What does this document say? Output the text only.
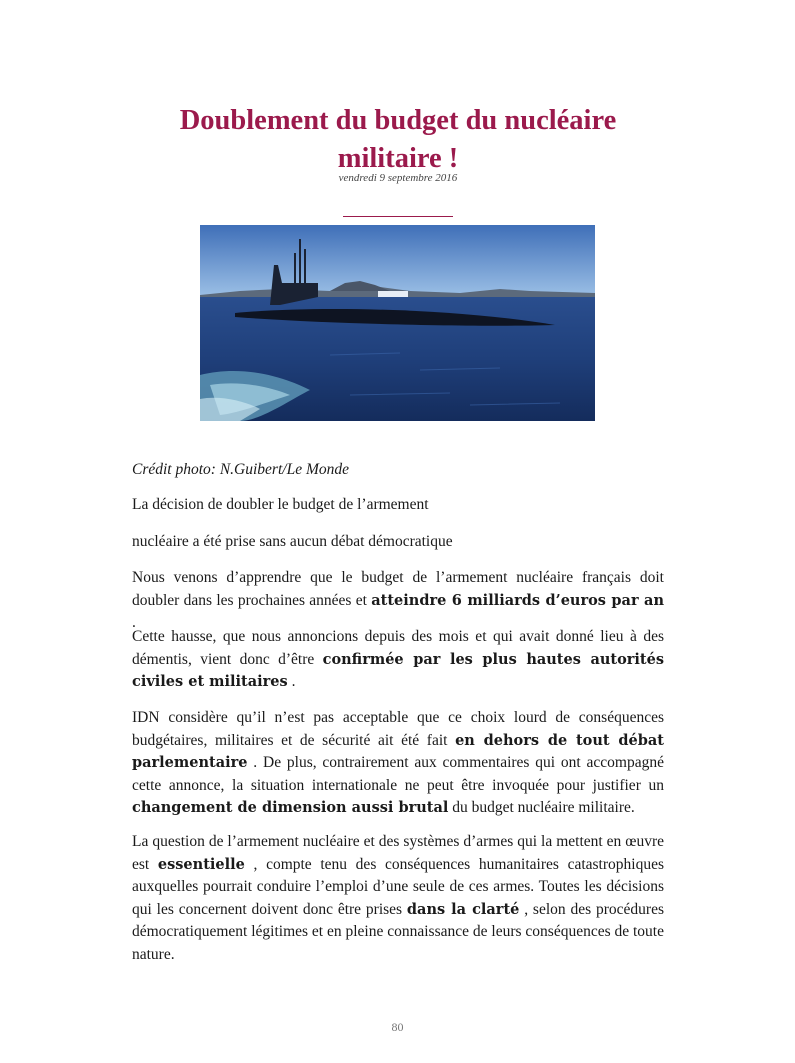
Doublement du budget du nucléaire militaire !
vendredi 9 septembre 2016

Crédit photo: N.Guibert/Le Monde

La décision de doubler le budget de l’armement

nucléaire a été prise sans aucun débat démocratique

Nous venons d’apprendre que le budget de l’armement nucléaire français doit doubler dans les prochaines années et atteindre 6 milliards d’euros par an .

Cette hausse, que nous annoncions depuis des mois et qui avait donné lieu à des démentis, vient donc d’être confirmée par les plus hautes autorités civiles et militaires .

IDN considère qu’il n’est pas acceptable que ce choix lourd de conséquences budgétaires, militaires et de sécurité ait été fait en dehors de tout débat parlementaire . De plus, contrairement aux commentaires qui ont accompagné cette annonce, la situation internationale ne peut être invoquée pour justifier un changement de dimension aussi brutal du budget nucléaire militaire.

La question de l’armement nucléaire et des systèmes d’armes qui la mettent en œuvre est essentielle , compte tenu des conséquences humanitaires catastrophiques auxquelles pourrait conduire l’emploi d’une seule de ces armes. Toutes les décisions qui les concernent doivent donc être prises dans la clarté , selon des procédures démocratiquement légitimes et en pleine connaissance de leurs conséquences de toute nature.

80
